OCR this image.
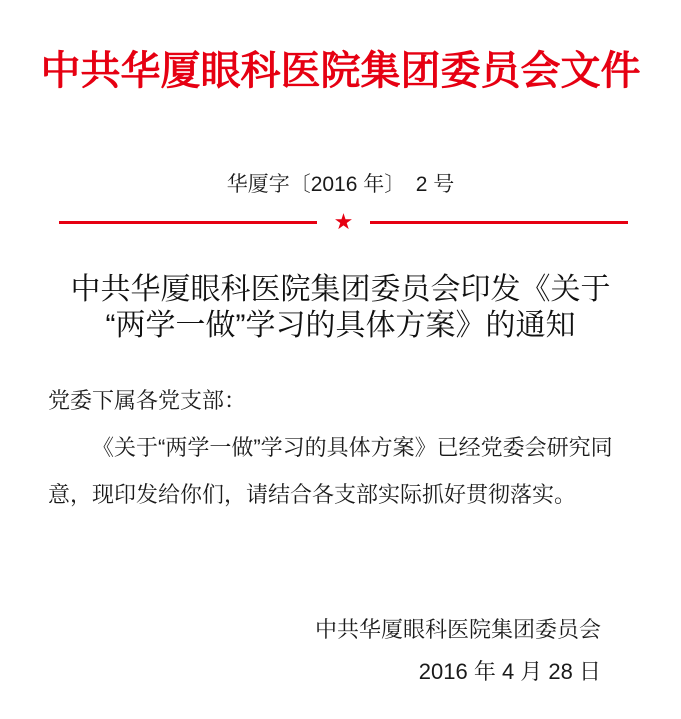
中共华厦眼科医院集团委员会文件
华厦字〔2016 年〕　2 号
★
中共华厦眼科医院集团委员会印发《关于
“两学一做”学习的具体方案》的通知
党委下属各党支部：
《关于“两学一做”学习的具体方案》已经党委会研究同
意，现印发给你们，请结合各支部实际抓好贯彻落实。
中共华厦眼科医院集团委员会
2016 年 4 月 28 日
